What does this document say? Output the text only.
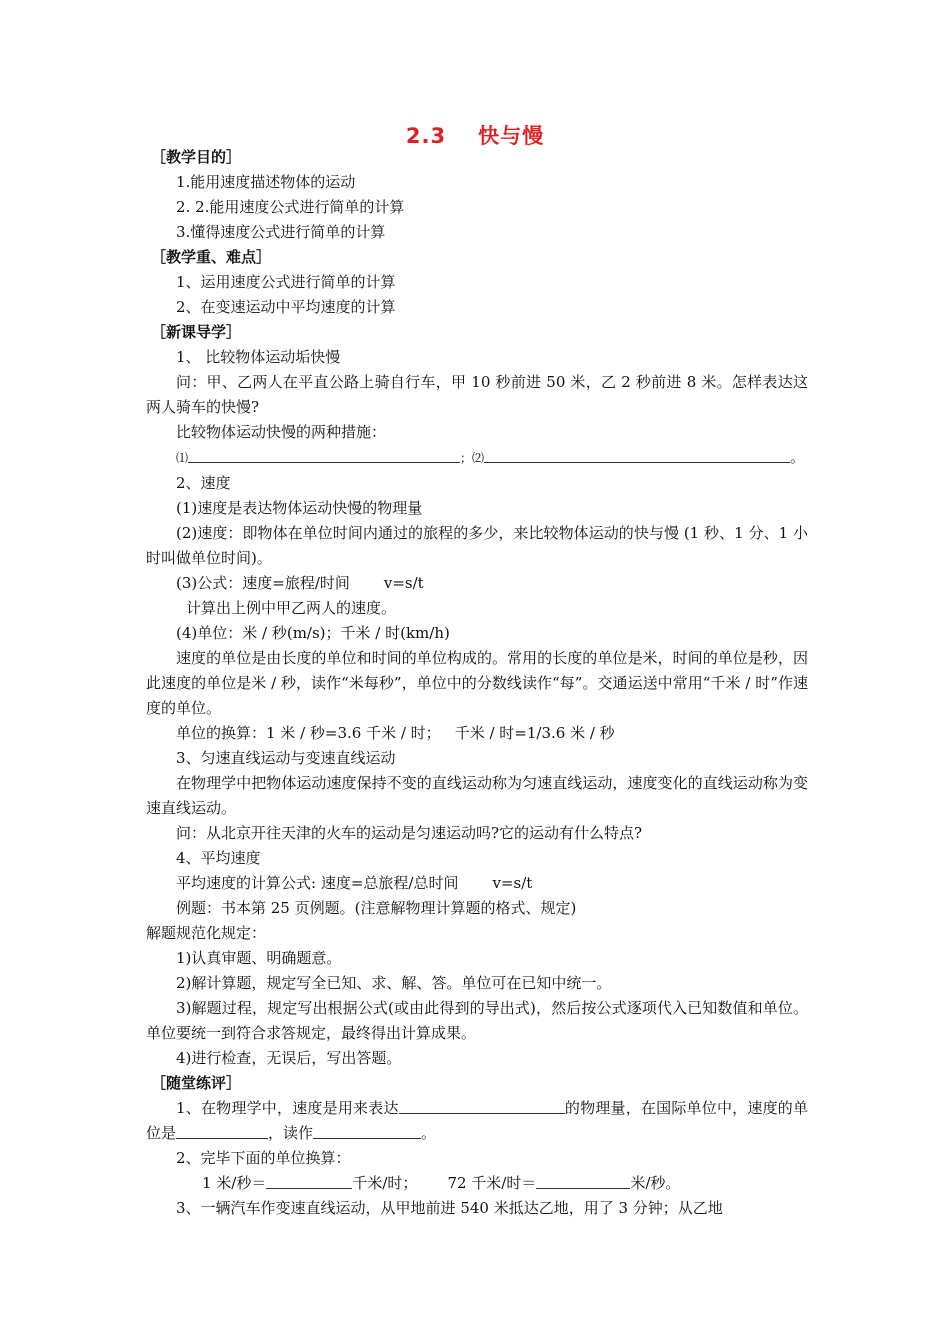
2.3 快与慢
［教学目的］
1.能用速度描述物体的运动
2. 2.能用速度公式进行简单的计算
3.懂得速度公式进行简单的计算
［教学重、难点］
1、运用速度公式进行简单的计算
2、在变速运动中平均速度的计算
［新课导学］
1、 比较物体运动垢快慢
问：甲、乙两人在平直公路上骑自行车，甲 10 秒前进 50 米，乙 2 秒前进 8 米。怎样表达这两人骑车的快慢?
比较物体运动快慢的两种措施：
⑴	；⑵	。
2、速度
(1)速度是表达物体运动快慢的物理量
(2)速度：即物体在单位时间内通过的旅程的多少，来比较物体运动的快与慢 (1 秒、1 分、1 小时叫做单位时间)。
(3)公式：速度=旅程/时间 v=s/t
计算出上例中甲乙两人的速度。
(4)单位：米 / 秒(m/s)；千米 / 时(km/h)
速度的单位是由长度的单位和时间的单位构成的。常用的长度的单位是米，时间的单位是秒，因此速度的单位是米 / 秒，读作“米每秒”，单位中的分数线读作“每”。交通运送中常用“千米 / 时”作速度的单位。
单位的换算：1 米 / 秒=3.6 千米 / 时； 千米 / 时=1/3.6 米 / 秒
3、匀速直线运动与变速直线运动
在物理学中把物体运动速度保持不变的直线运动称为匀速直线运动，速度变化的直线运动称为变速直线运动。
问：从北京开往天津的火车的运动是匀速运动吗?它的运动有什么特点?
4、平均速度
平均速度的计算公式: 速度=总旅程/总时间 v=s/t
例题：书本第 25 页例题。(注意解物理计算题的格式、规定)
解题规范化规定：
1)认真审题、明确题意。
2)解计算题，规定写全已知、求、解、答。单位可在已知中统一。
3)解题过程，规定写出根据公式(或由此得到的导出式)，然后按公式逐项代入已知数值和单位。单位要统一到符合求答规定，最终得出计算成果。
4)进行检查，无误后，写出答题。
［随堂练评］
1、在物理学中，速度是用来表达	的物理量，在国际单位中，速度的单位是	，读作	。
2、完毕下面的单位换算：
1 米/秒＝	千米/时； 72 千米/时＝	米/秒。
3、一辆汽车作变速直线运动，从甲地前进 540 米抵达乙地，用了 3 分钟；从乙地
